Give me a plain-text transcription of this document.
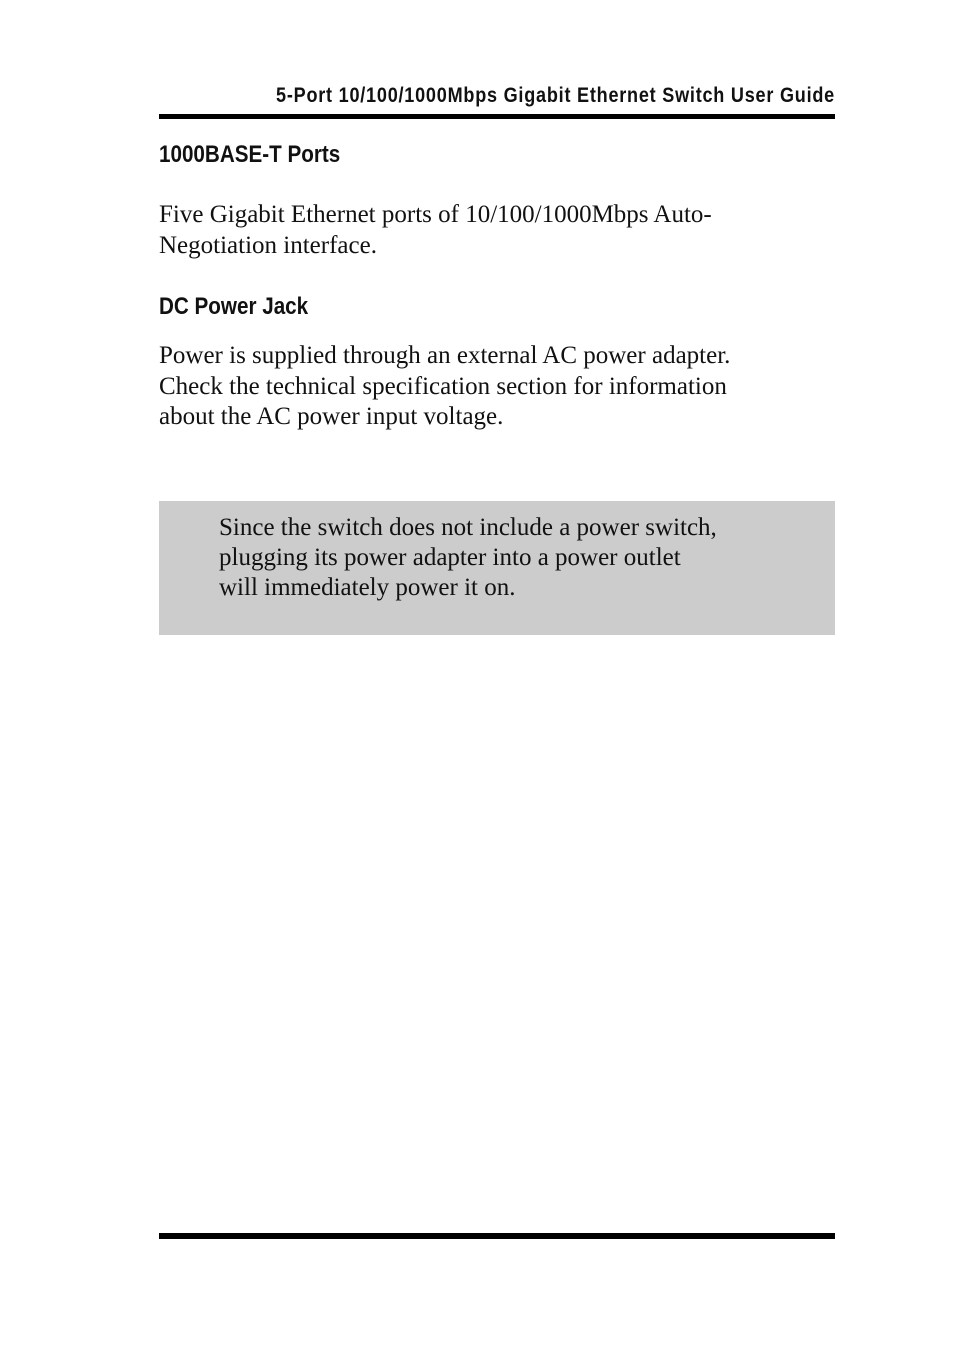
5-Port 10/100/1000Mbps Gigabit Ethernet Switch User Guide
1000BASE-T Ports

Five Gigabit Ethernet ports of 10/100/1000Mbps Auto-
Negotiation interface.

DC Power Jack

Power is supplied through an external AC power adapter.
Check the technical specification section for information
about the AC power input voltage.

Since the switch does not include a power switch,
plugging its power adapter into a power outlet
will immediately power it on.
